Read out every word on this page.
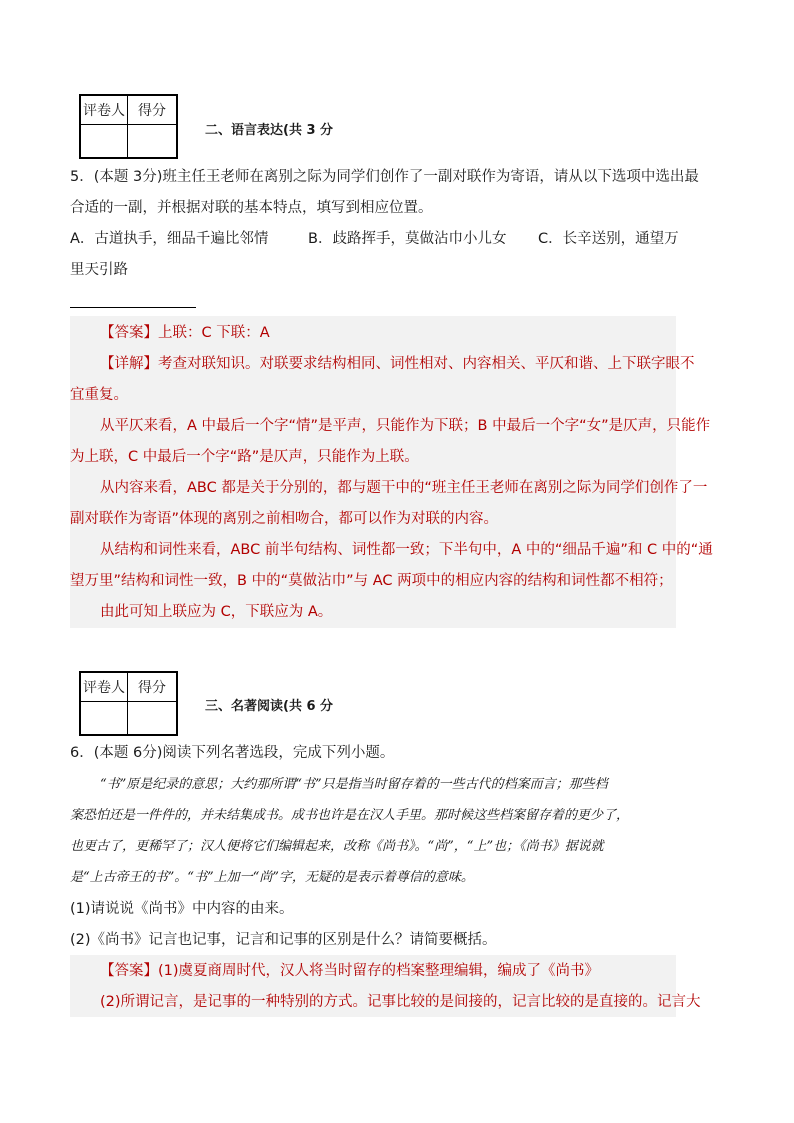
评卷人	得分

二、语言表达(共 3 分
5．(本题 3分)班主任王老师在离别之际为同学们创作了一副对联作为寄语，请从以下选项中选出最
合适的一副，并根据对联的基本特点，填写到相应位置。
A．古道执手，细品千遍比邻情	B．歧路挥手，莫做沾巾小儿女 C．长辛送别，通望万
里天引路
【答案】上联：C 下联：A
【详解】考查对联知识。对联要求结构相同、词性相对、内容相关、平仄和谐、上下联字眼不
宜重复。
从平仄来看，A 中最后一个字“情”是平声，只能作为下联；B 中最后一个字“女”是仄声，只能作
为上联，C 中最后一个字“路”是仄声，只能作为上联。
从内容来看，ABC 都是关于分别的，都与题干中的“班主任王老师在离别之际为同学们创作了一
副对联作为寄语”体现的离别之前相吻合，都可以作为对联的内容。
从结构和词性来看，ABC 前半句结构、词性都一致；下半句中，A 中的“细品千遍”和 C 中的“通
望万里”结构和词性一致，B 中的“莫做沾巾”与 AC 两项中的相应内容的结构和词性都不相符；
由此可知上联应为 C，下联应为 A。
评卷人	得分

三、名著阅读(共 6 分
6．(本题 6分)阅读下列名著选段，完成下列小题。
“书”原是纪录的意思；大约那所谓“书”只是指当时留存着的一些古代的档案而言；那些档
案恐怕还是一件件的，并未结集成书。成书也许是在汉人手里。那时候这些档案留存着的更少了，
也更古了，更稀罕了；汉人便将它们编辑起来，改称《尚书》。“尚”，“上”也；《尚书》据说就
是“上古帝王的书”。“书”上加一“尚”字，无疑的是表示着尊信的意味。
(1)请说说《尚书》中内容的由来。
(2)《尚书》记言也记事，记言和记事的区别是什么？请简要概括。
【答案】(1)虞夏商周时代，汉人将当时留存的档案整理编辑，编成了《尚书》
(2)所谓记言，是记事的一种特别的方式。记事比较的是间接的，记言比较的是直接的。记言大
